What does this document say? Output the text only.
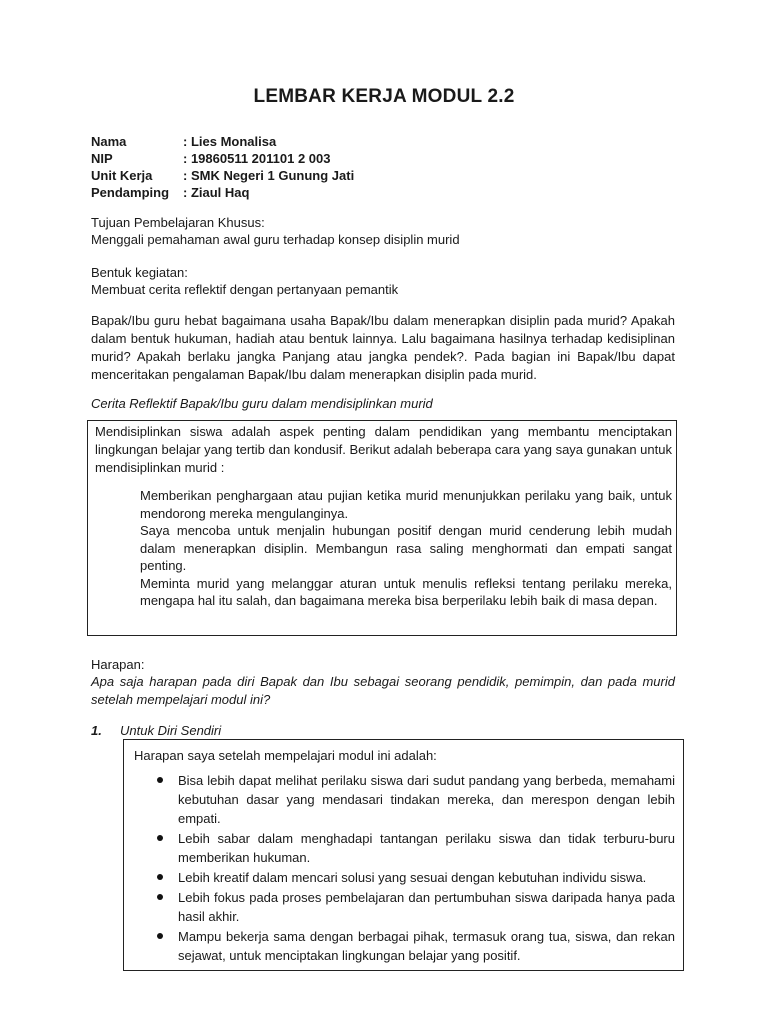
LEMBAR KERJA MODUL 2.2
Nama	: Lies Monalisa
NIP	: 19860511 201101 2 003
Unit Kerja : SMK Negeri 1 Gunung Jati
Pendamping : Ziaul Haq
Tujuan Pembelajaran Khusus:
Menggali pemahaman awal guru terhadap konsep disiplin murid
Bentuk kegiatan:
Membuat cerita reflektif dengan pertanyaan pemantik
Bapak/Ibu guru hebat bagaimana usaha Bapak/Ibu dalam menerapkan disiplin pada murid? Apakah dalam bentuk hukuman, hadiah atau bentuk lainnya. Lalu bagaimana hasilnya terhadap kedisiplinan murid? Apakah berlaku jangka Panjang atau jangka pendek?. Pada bagian ini Bapak/Ibu dapat menceritakan pengalaman Bapak/Ibu dalam menerapkan disiplin pada murid.
Cerita Reflektif Bapak/Ibu guru dalam mendisiplinkan murid
Mendisiplinkan siswa adalah aspek penting dalam pendidikan yang membantu menciptakan lingkungan belajar yang tertib dan kondusif. Berikut adalah beberapa cara yang saya gunakan untuk mendisiplinkan murid :

Memberikan penghargaan atau pujian ketika murid menunjukkan perilaku yang baik, untuk mendorong mereka mengulanginya.

Saya mencoba untuk menjalin hubungan positif dengan murid cenderung lebih mudah dalam menerapkan disiplin. Membangun rasa saling menghormati dan empati sangat penting.

Meminta murid yang melanggar aturan untuk menulis refleksi tentang perilaku mereka, mengapa hal itu salah, dan bagaimana mereka bisa berperilaku lebih baik di masa depan.

Harapan:
Apa saja harapan pada diri Bapak dan Ibu sebagai seorang pendidik, pemimpin, dan pada murid setelah mempelajari modul ini?
1. Untuk Diri Sendiri
Harapan saya setelah mempelajari modul ini adalah:
Bisa lebih dapat melihat perilaku siswa dari sudut pandang yang berbeda, memahami kebutuhan dasar yang mendasari tindakan mereka, dan merespon dengan lebih empati.
Lebih sabar dalam menghadapi tantangan perilaku siswa dan tidak terburu-buru memberikan hukuman.
Lebih kreatif dalam mencari solusi yang sesuai dengan kebutuhan individu siswa.
Lebih fokus pada proses pembelajaran dan pertumbuhan siswa daripada hanya pada hasil akhir.
Mampu bekerja sama dengan berbagai pihak, termasuk orang tua, siswa, dan rekan sejawat, untuk menciptakan lingkungan belajar yang positif.
